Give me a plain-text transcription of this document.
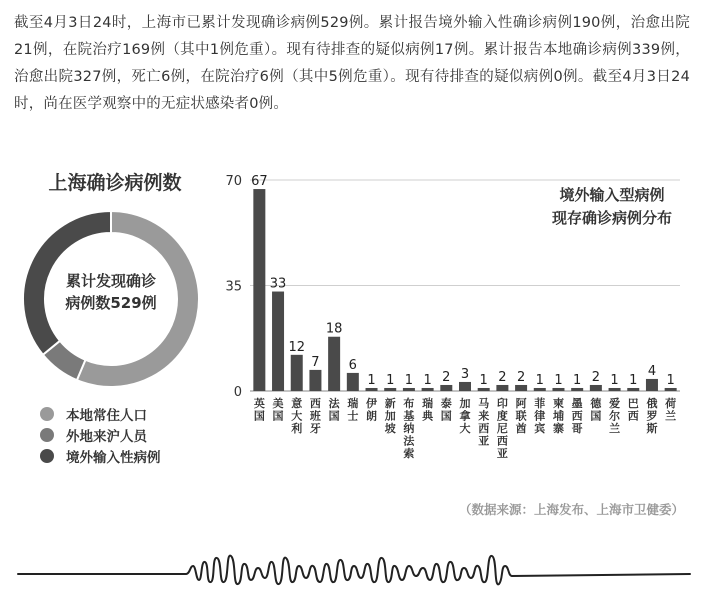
截至4月3日24时，上海市已累计发现确诊病例529例。累计报告境外输入性确诊病例190例，治愈出院21例，在院治疗169例（其中1例危重）。现有待排查的疑似病例17例。累计报告本地确诊病例339例，治愈出院327例，死亡6例，在院治疗6例（其中5例危重）。现有待排查的疑似病例0例。截至4月3日24时，尚在医学观察中的无症状感染者0例。
上海确诊病例数
累计发现确诊
病例数529例
本地常住人口
外地来沪人员
境外输入性病例
0
35
70 67
英国
33
美国
12
意大利
7
西班牙
18
法国
6
瑞士
1
伊朗
1
新加坡
1
布基纳法索
1
瑞典
2
泰国
3
加拿大
1
马来西亚
2
印度尼西亚
2
阿联酋
1
菲律宾
1
柬埔寨
1
墨西哥
2
德国
1
爱尔兰
1
巴西
4
俄罗斯
1
荷兰
境外输入型病例
现存确诊病例分布
（数据来源：上海发布、上海市卫健委）
